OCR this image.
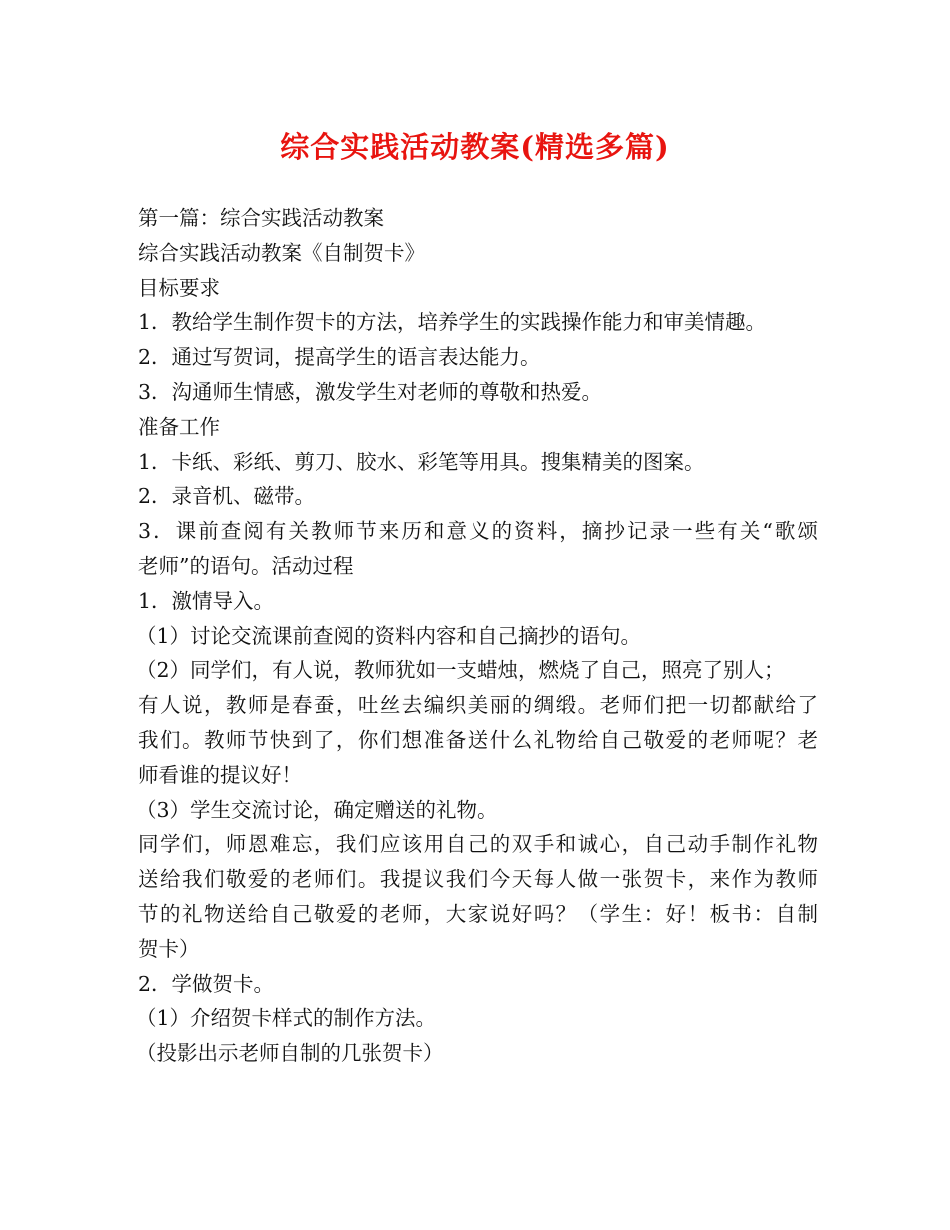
综合实践活动教案(精选多篇)
第一篇：综合实践活动教案
综合实践活动教案《自制贺卡》
目标要求
1．教给学生制作贺卡的方法，培养学生的实践操作能力和审美情趣。
2．通过写贺词，提高学生的语言表达能力。
3．沟通师生情感，激发学生对老师的尊敬和热爱。
准备工作
1．卡纸、彩纸、剪刀、胶水、彩笔等用具。搜集精美的图案。
2．录音机、磁带。
3．课前查阅有关教师节来历和意义的资料，摘抄记录一些有关“歌颂
老师”的语句。活动过程
1．激情导入。
（1）讨论交流课前查阅的资料内容和自己摘抄的语句。
（2）同学们，有人说，教师犹如一支蜡烛，燃烧了自己，照亮了别人；
有人说，教师是春蚕，吐丝去编织美丽的绸缎。老师们把一切都献给了
我们。教师节快到了，你们想准备送什么礼物给自己敬爱的老师呢？老
师看谁的提议好！
（3）学生交流讨论，确定赠送的礼物。
同学们，师恩难忘，我们应该用自己的双手和诚心，自己动手制作礼物
送给我们敬爱的老师们。我提议我们今天每人做一张贺卡，来作为教师
节的礼物送给自己敬爱的老师，大家说好吗？（学生：好！板书：自制
贺卡）
2．学做贺卡。
（1）介绍贺卡样式的制作方法。
（投影出示老师自制的几张贺卡）
